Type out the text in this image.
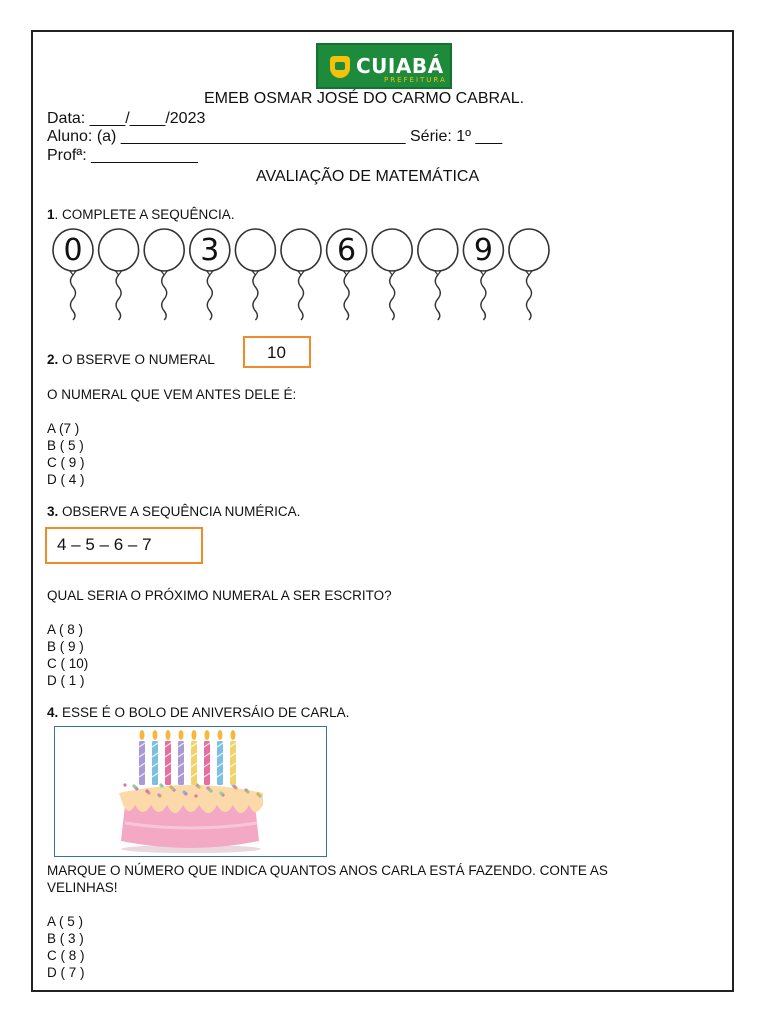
CUIABÁ
PREFEITURA
EMEB OSMAR JOSÉ DO CARMO CABRAL.
Data: ____/____/2023
Aluno: (a) ________________________________ Série: 1º ___
Profª: ____________
AVALIAÇÃO DE MATEMÁTICA
1. COMPLETE A SEQUÊNCIA.
0	3	6	9
2. O BSERVE O NUMERAL	10
O NUMERAL QUE VEM ANTES DELE É:
A (7 )
B ( 5 )
C ( 9 )
D ( 4 )
3. OBSERVE A SEQUÊNCIA NUMÉRICA.
4 – 5 – 6 – 7
QUAL SERIA O PRÓXIMO NUMERAL A SER ESCRITO?
A ( 8 )
B ( 9 )
C ( 10)
D ( 1 )
4. ESSE É O BOLO DE ANIVERSÁIO DE CARLA.
MARQUE O NÚMERO QUE INDICA QUANTOS ANOS CARLA ESTÁ FAZENDO. CONTE AS
VELINHAS!
A ( 5 )
B ( 3 )
C ( 8 )
D ( 7 )
